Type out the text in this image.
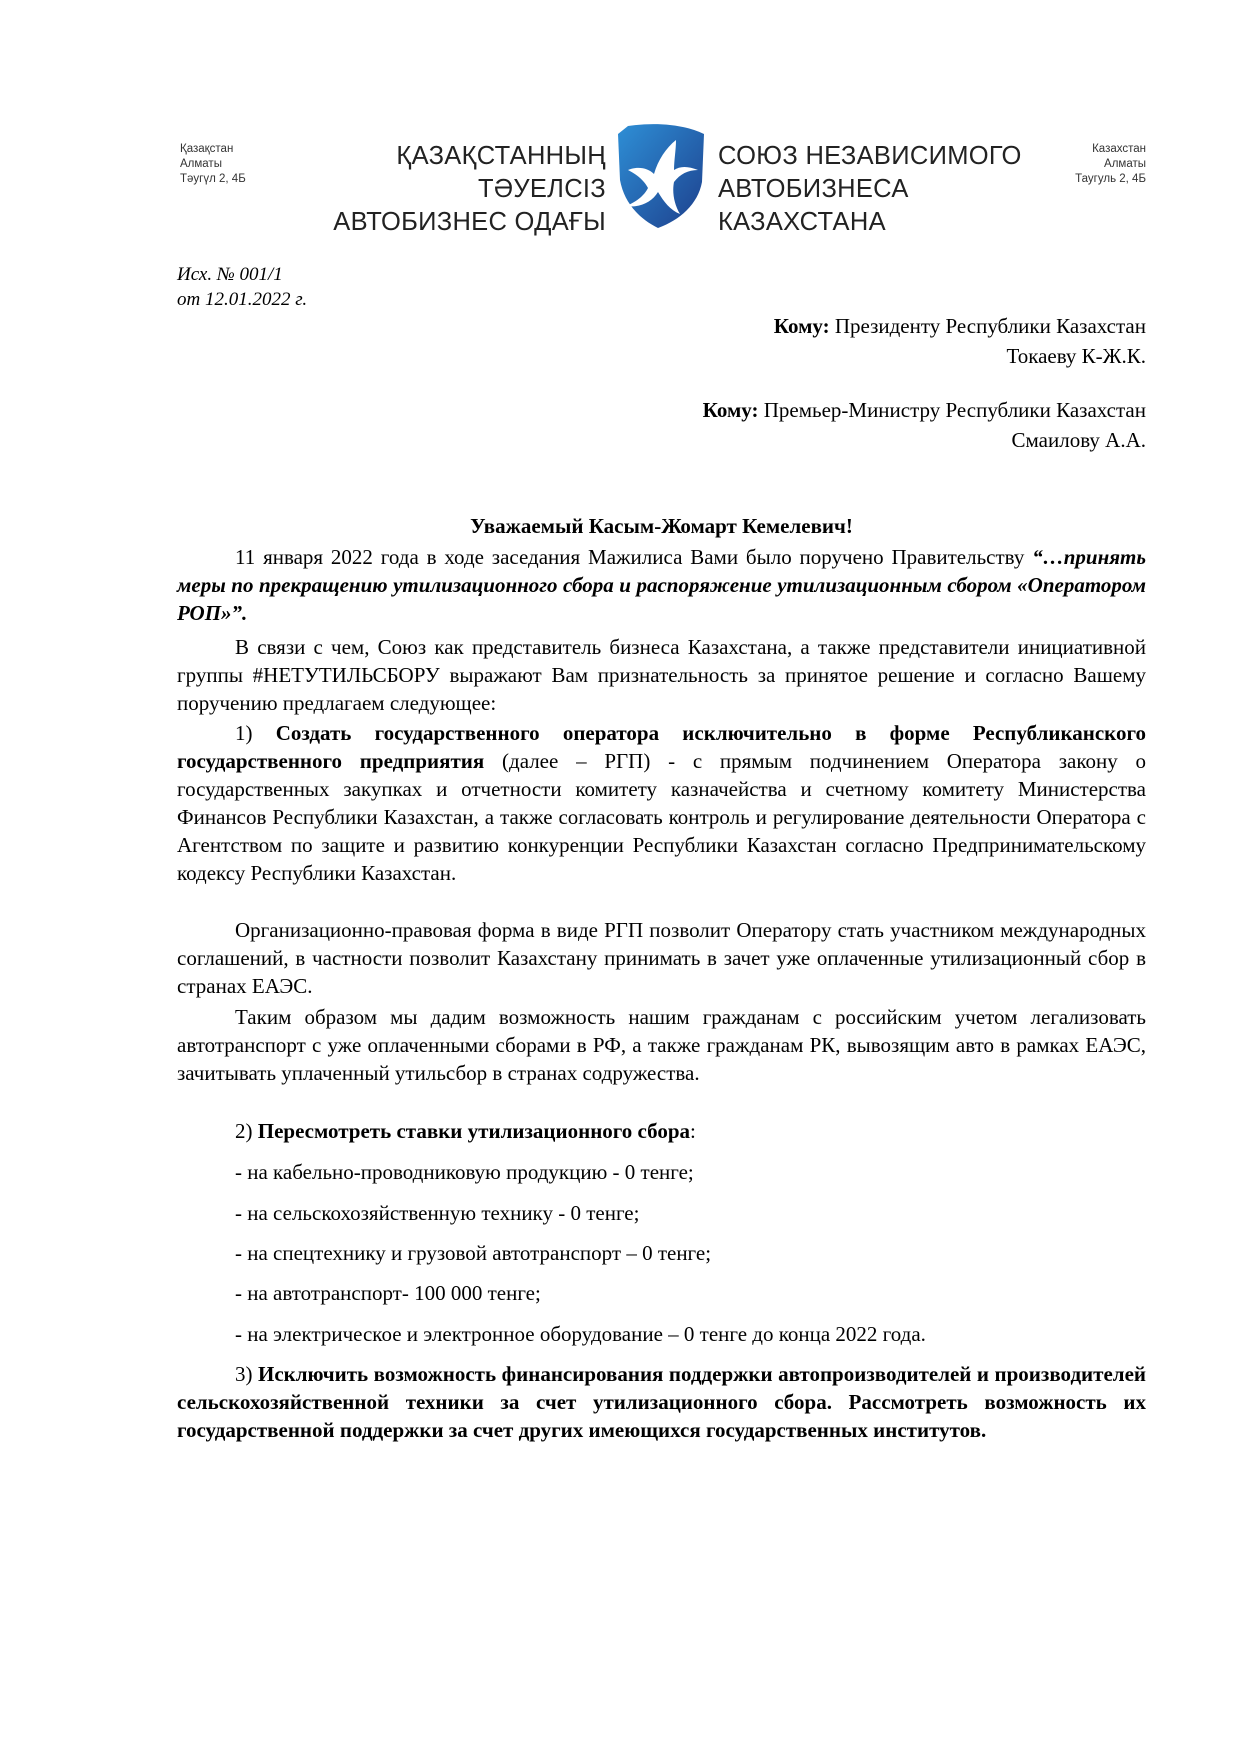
Қазақстан
Алматы
Тәугүл 2, 4Б
ҚАЗАҚСТАННЫҢ ТӘУЕЛСІЗ
АВТОБИЗНЕС ОДАҒЫ
СОЮЗ НЕЗАВИСИМОГО
АВТОБИЗНЕСА КАЗАХСТАНА
Казахстан
Алматы
Таугуль 2, 4Б
Исх. № 001/1
от 12.01.2022 г.
Кому: Президенту Республики Казахстан
Токаеву К-Ж.К.
Кому: Премьер-Министру Республики Казахстан
Смаилову А.А.
Уважаемый Касым-Жомарт Кемелевич!

11 января 2022 года в ходе заседания Мажилиса Вами было поручено Правительству “…принять меры по прекращению утилизационного сбора и распоряжение утилизационным сбором «Оператором РОП»”.

В связи с чем, Союз как представитель бизнеса Казахстана, а также представители инициативной группы #НЕТУТИЛЬСБОРУ выражают Вам признательность за принятое решение и согласно Вашему поручению предлагаем следующее:

1) Создать государственного оператора исключительно в форме Республиканского государственного предприятия (далее – РГП) - с прямым подчинением Оператора закону о государственных закупках и отчетности комитету казначейства и счетному комитету Министерства Финансов Республики Казахстан, а также согласовать контроль и регулирование деятельности Оператора с Агентством по защите и развитию конкуренции Республики Казахстан согласно Предпринимательскому кодексу Республики Казахстан.

Организационно-правовая форма в виде РГП позволит Оператору стать участником международных соглашений, в частности позволит Казахстану принимать в зачет уже оплаченные утилизационный сбор в странах ЕАЭС.

Таким образом мы дадим возможность нашим гражданам с российским учетом легализовать автотранспорт с уже оплаченными сборами в РФ, а также гражданам РК, вывозящим авто в рамках ЕАЭС, зачитывать уплаченный утильсбор в странах содружества.

2) Пересмотреть ставки утилизационного сбора:
- на кабельно-проводниковую продукцию - 0 тенге;
- на сельскохозяйственную технику - 0 тенге;
- на спецтехнику и грузовой автотранспорт – 0 тенге;
- на автотранспорт- 100 000 тенге;
- на электрическое и электронное оборудование – 0 тенге до конца 2022 года.

3) Исключить возможность финансирования поддержки автопроизводителей и производителей сельскохозяйственной техники за счет утилизационного сбора. Рассмотреть возможность их государственной поддержки за счет других имеющихся государственных институтов.
